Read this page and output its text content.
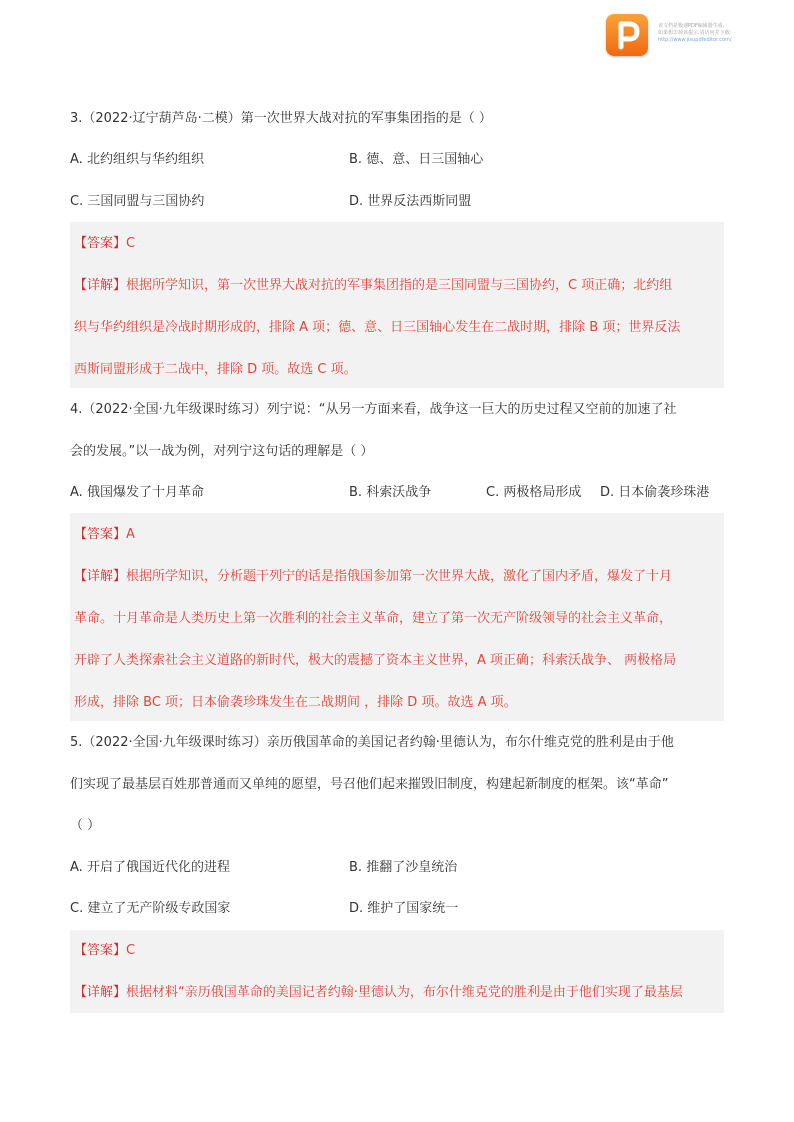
该文档是极速PDF编辑器生成,
如果想去掉该提示,请访问并下载:
http://www.jisupdfeditor.com/
3.（2022·辽宁葫芦岛·二模）第一次世界大战对抗的军事集团指的是（ ）
A. 北约组织与华约组织	B. 德、意、日三国轴心
C. 三国同盟与三国协约	D. 世界反法西斯同盟
【答案】C
【详解】根据所学知识，第一次世界大战对抗的军事集团指的是三国同盟与三国协约，C 项正确；北约组
织与华约组织是冷战时期形成的，排除 A 项；德、意、日三国轴心发生在二战时期，排除 B 项；世界反法
西斯同盟形成于二战中，排除 D 项。故选 C 项。
4.（2022·全国·九年级课时练习）列宁说：“从另一方面来看，战争这一巨大的历史过程又空前的加速了社
会的发展。”以一战为例，对列宁这句话的理解是（ ）
A. 俄国爆发了十月革命	B. 科索沃战争	C. 两极格局形成 D. 日本偷袭珍珠港
【答案】A
【详解】根据所学知识，分析题干列宁的话是指俄国参加第一次世界大战，激化了国内矛盾，爆发了十月
革命。十月革命是人类历史上第一次胜利的社会主义革命，建立了第一次无产阶级领导的社会主义革命，
开辟了人类探索社会主义道路的新时代，极大的震撼了资本主义世界，A 项正确；科索沃战争、 两极格局
形成，排除 BC 项；日本偷袭珍珠发生在二战期间 ，排除 D 项。故选 A 项。
5.（2022·全国·九年级课时练习）亲历俄国革命的美国记者约翰·里德认为，布尔什维克党的胜利是由于他
们实现了最基层百姓那普通而又单纯的愿望，号召他们起来摧毁旧制度，构建起新制度的框架。该“革命”
（ ）
A. 开启了俄国近代化的进程	B. 推翻了沙皇统治
C. 建立了无产阶级专政国家	D. 维护了国家统一
【答案】C
【详解】根据材料“亲历俄国革命的美国记者约翰·里德认为，布尔什维克党的胜利是由于他们实现了最基层
